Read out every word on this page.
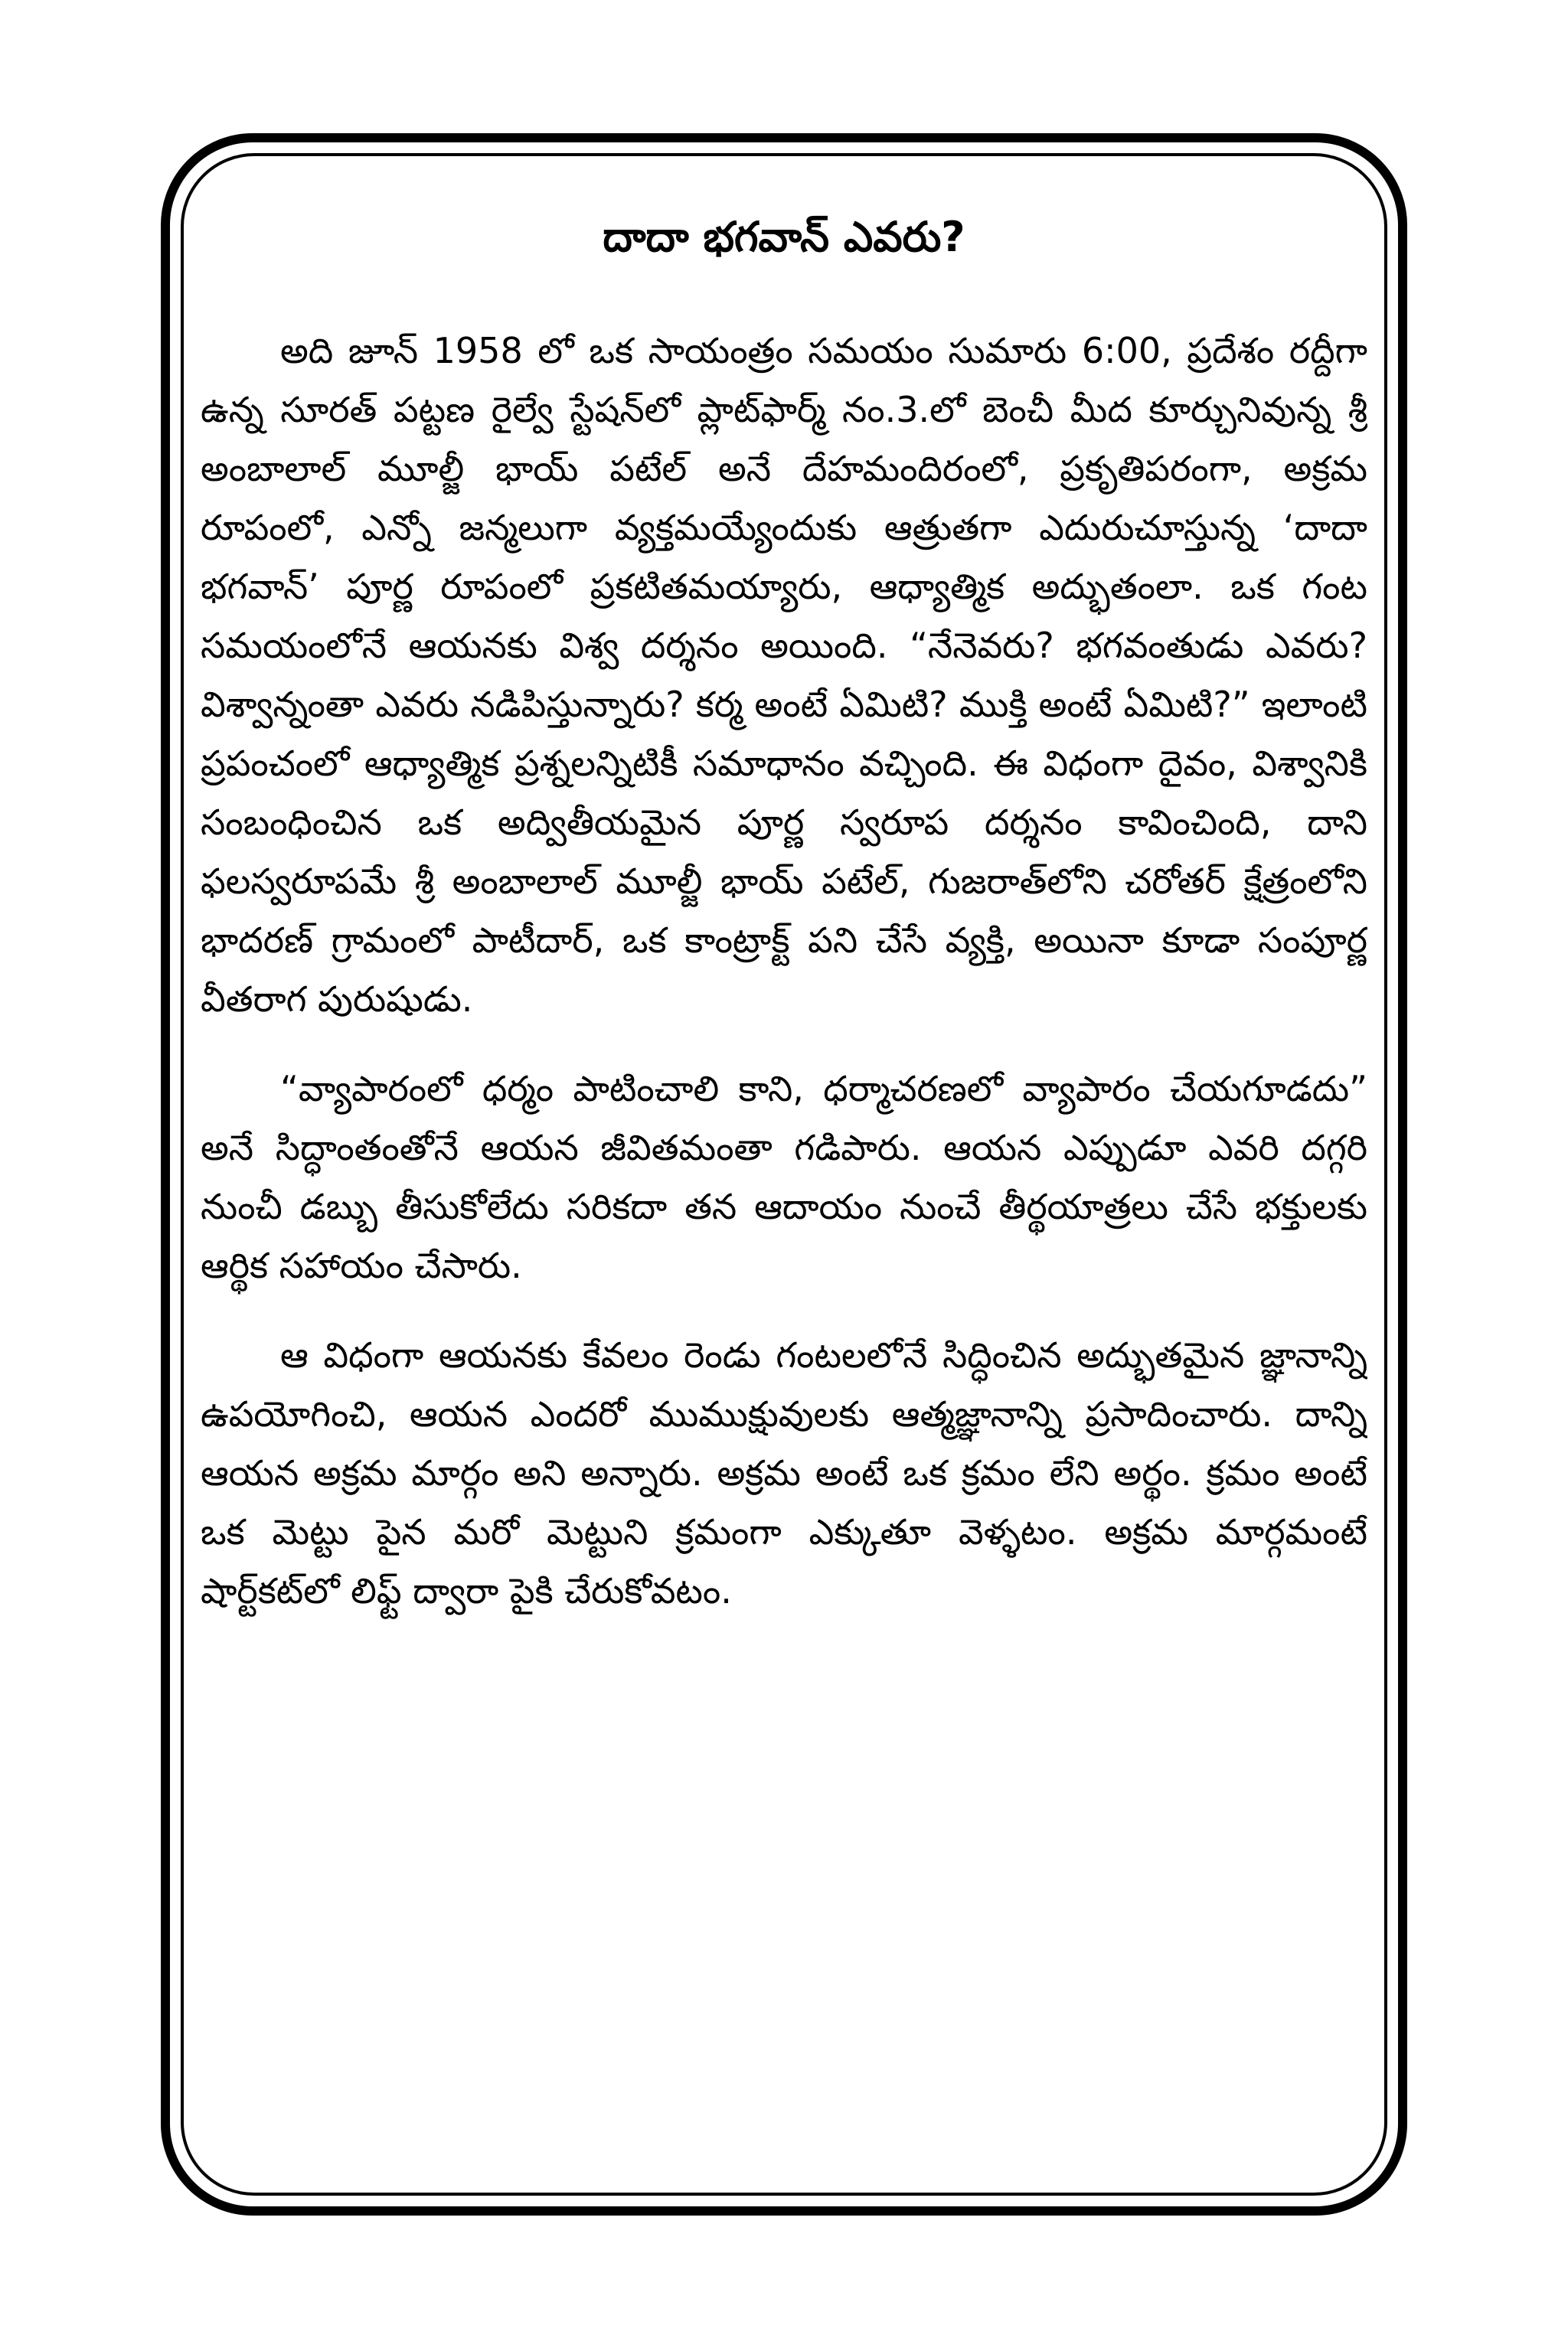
దాదా భగవాన్ ఎవరు?

అది జూన్ 1958 లో ఒక సాయంత్రం సమయం సుమారు 6:00, ప్రదేశం రద్దీగా ఉన్న సూరత్ పట్టణ రైల్వే స్టేషన్‌లో ప్లాట్‌ఫార్మ్ నం.3.లో బెంచీ మీద కూర్చునివున్న శ్రీ అంబాలాల్ మూల్జీ భాయ్ పటేల్ అనే దేహమందిరంలో, ప్రకృతిపరంగా, అక్రమ రూపంలో, ఎన్నో జన్మలుగా వ్యక్తమయ్యేందుకు ఆత్రుతగా ఎదురుచూస్తున్న ‘దాదా భగవాన్’ పూర్ణ రూపంలో ప్రకటితమయ్యారు, ఆధ్యాత్మిక అద్భుతంలా. ఒక గంట సమయంలోనే ఆయనకు విశ్వ దర్శనం అయింది. “నేనెవరు? భగవంతుడు ఎవరు? విశ్వాన్నంతా ఎవరు నడిపిస్తున్నారు? కర్మ అంటే ఏమిటి? ముక్తి అంటే ఏమిటి?” ఇలాంటి ప్రపంచంలో ఆధ్యాత్మిక ప్రశ్నలన్నిటికీ సమాధానం వచ్చింది. ఈ విధంగా దైవం, విశ్వానికి సంబంధించిన ఒక అద్వితీయమైన పూర్ణ స్వరూప దర్శనం కావించింది, దాని ఫలస్వరూపమే శ్రీ అంబాలాల్ మూల్జీ భాయ్ పటేల్, గుజరాత్‌లోని చరోతర్ క్షేత్రంలోని భాదరణ్ గ్రామంలో పాటీదార్, ఒక కాంట్రాక్ట్ పని చేసే వ్యక్తి, అయినా కూడా సంపూర్ణ వీతరాగ పురుషుడు.

“వ్యాపారంలో ధర్మం పాటించాలి కాని, ధర్మాచరణలో వ్యాపారం చేయగూడదు” అనే సిద్ధాంతంతోనే ఆయన జీవితమంతా గడిపారు. ఆయన ఎప్పుడూ ఎవరి దగ్గరి నుంచీ డబ్బు తీసుకోలేదు సరికదా తన ఆదాయం నుంచే తీర్థయాత్రలు చేసే భక్తులకు ఆర్థిక సహాయం చేసారు.

ఆ విధంగా ఆయనకు కేవలం రెండు గంటలలోనే సిద్ధించిన అద్భుతమైన జ్ఞానాన్ని ఉపయోగించి, ఆయన ఎందరో ముముక్షువులకు ఆత్మజ్ఞానాన్ని ప్రసాదించారు. దాన్ని ఆయన అక్రమ మార్గం అని అన్నారు. అక్రమ అంటే ఒక క్రమం లేని అర్థం. క్రమం అంటే ఒక మెట్టు పైన మరో మెట్టుని క్రమంగా ఎక్కుతూ వెళ్ళటం. అక్రమ మార్గమంటే షార్ట్‌కట్‌లో లిఫ్ట్ ద్వారా పైకి చేరుకోవటం.
